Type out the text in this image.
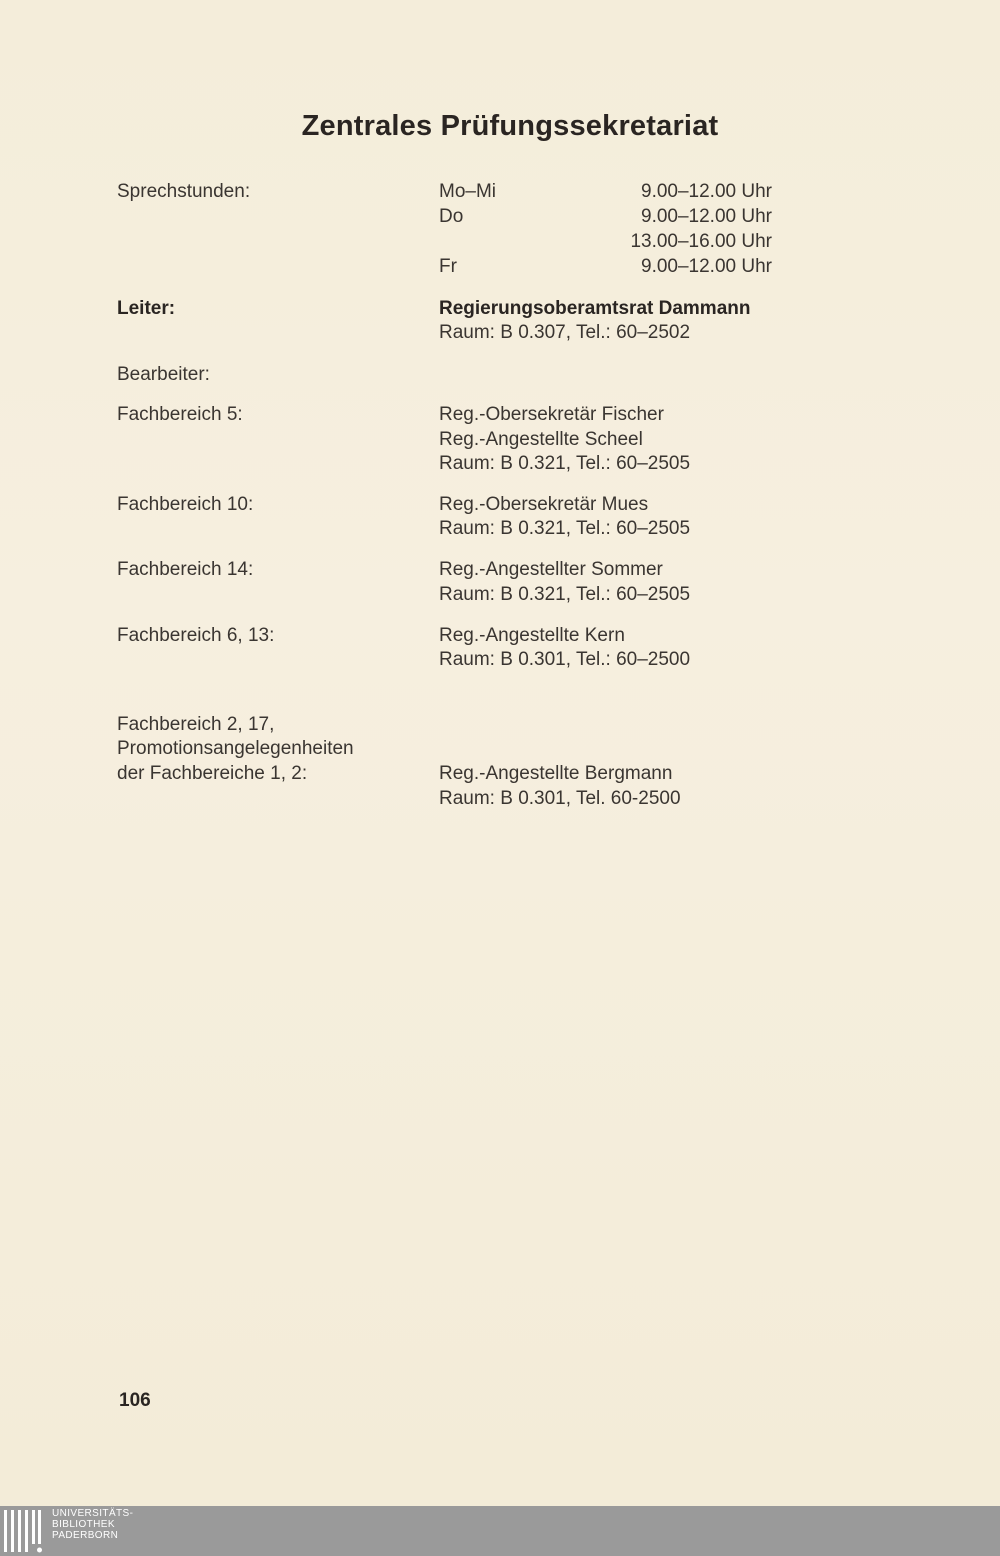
Zentrales Prüfungssekretariat
Sprechstunden:	Mo–Mi	9.00–12.00 Uhr
Do	9.00–12.00 Uhr
13.00–16.00 Uhr
Fr	9.00–12.00 Uhr
Leiter:	Regierungsoberamtsrat Dammann
Raum: B 0.307, Tel.: 60–2502
Bearbeiter:
Fachbereich 5:	Reg.-Obersekretär Fischer
Reg.-Angestellte Scheel
Raum: B 0.321, Tel.: 60–2505
Fachbereich 10:	Reg.-Obersekretär Mues
Raum: B 0.321, Tel.: 60–2505
Fachbereich 14:	Reg.-Angestellter Sommer
Raum: B 0.321, Tel.: 60–2505
Fachbereich 6, 13:	Reg.-Angestellte Kern
Raum: B 0.301, Tel.: 60–2500
Fachbereich 2, 17,
Promotionsangelegenheiten
der Fachbereiche 1, 2:	Reg.-Angestellte Bergmann
Raum: B 0.301, Tel. 60-2500
106
UNIVERSITÄTS-
BIBLIOTHEK
PADERBORN
